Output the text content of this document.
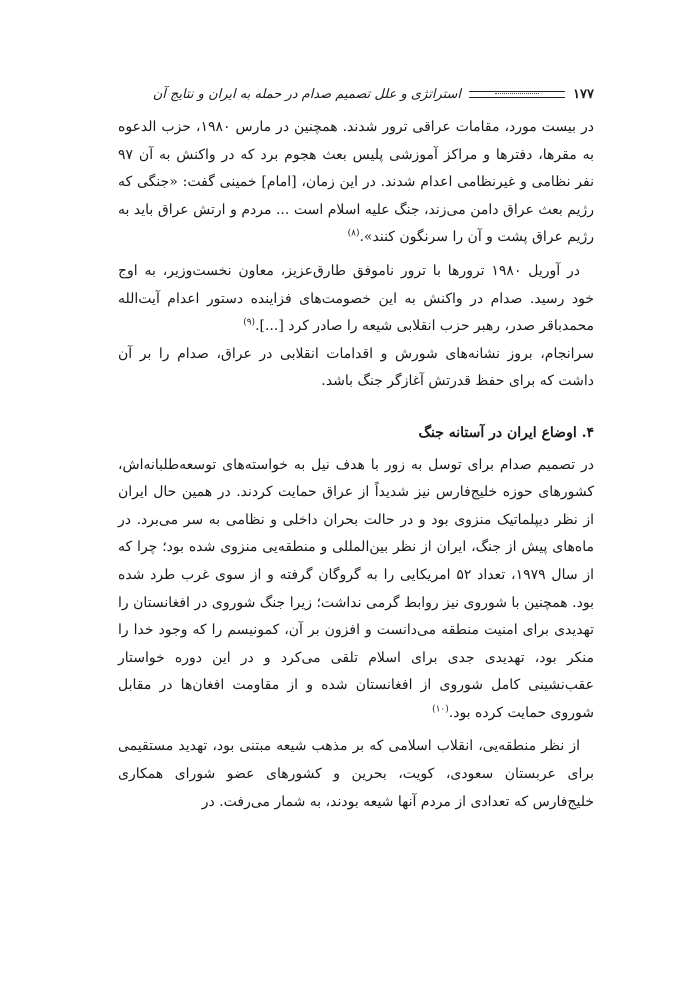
۱۷۷
استراتژی و علل تصمیم صدام در حمله به ایران و نتایج آن

در بیست مورد، مقامات عراقی ترور شدند. همچنین در مارس ۱۹۸۰، حزب الدعوه به مقرها، دفترها و مراکز آموزشی پلیس بعث هجوم برد که در واکنش به آن ۹۷ نفر نظامی و غیرنظامی اعدام شدند. در این زمان، [امام] خمینی گفت: «جنگی که رژیم بعث عراق دامن می‌زند، جنگ علیه اسلام است ... مردم و ارتش عراق باید به رژیم عراق پشت و آن را سرنگون کنند».$^{(۸)}$

در آوریل ۱۹۸۰ ترورها با ترور ناموفق طارق‌عزیز، معاون نخست‌وزیر، به اوج خود رسید. صدام در واکنش به این خصومت‌های فزاینده دستور اعدام آیت‌الله محمدباقر صدر، رهبر حزب انقلابی شیعه را صادر کرد [...].$^{(۹)}$
سرانجام، بروز نشانه‌های شورش و اقدامات انقلابی در عراق، صدام را بر آن داشت که برای حفظ قدرتش آغازگر جنگ باشد.

۴. اوضاع ایران در آستانه جنگ

در تصمیم صدام برای توسل به زور با هدف نیل به خواسته‌های توسعه‌طلبانه‌اش، کشورهای حوزه خلیج‌فارس نیز شدیداً از عراق حمایت کردند. در همین حال ایران از نظر دیپلماتیک منزوی بود و در حالت بحران داخلی و نظامی به سر می‌برد. در ماه‌های پیش از جنگ، ایران از نظر بین‌المللی و منطقه‌یی منزوی شده بود؛ چرا که از سال ۱۹۷۹، تعداد ۵۲ امریکایی را به گروگان گرفته و از سوی غرب طرد شده بود. همچنین با شوروی نیز روابط گرمی نداشت؛ زیرا جنگ شوروی در افغانستان را تهدیدی برای امنیت منطقه می‌دانست و افزون بر آن، کمونیسم را که وجود خدا را منکر بود، تهدیدی جدی برای اسلام تلقی می‌کرد و در این دوره خواستار عقب‌نشینی کامل شوروی از افغانستان شده و از مقاومت افغان‌ها در مقابل شوروی حمایت کرده بود.$^{(۱۰)}$

از نظر منطقه‌یی، انقلاب اسلامی که بر مذهب شیعه مبتنی بود، تهدید مستقیمی برای عربستان سعودی، کویت، بحرین و کشورهای عضو شورای همکاری خلیج‌فارس که تعدادی از مردم آنها شیعه بودند، به شمار می‌رفت. در
